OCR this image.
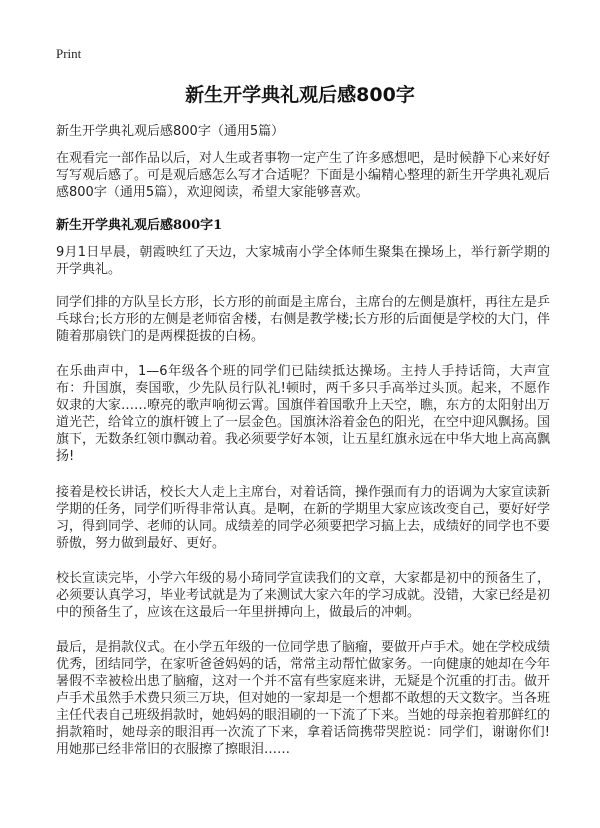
Print
新生开学典礼观后感800字
新生开学典礼观后感800字（通用5篇）

在观看完一部作品以后，对人生或者事物一定产生了许多感想吧，是时候静下心来好好写写观后感了。可是观后感怎么写才合适呢？下面是小编精心整理的新生开学典礼观后感800字（通用5篇），欢迎阅读，希望大家能够喜欢。

新生开学典礼观后感800字1

9月1日早晨，朝霞映红了天边，大家城南小学全体师生聚集在操场上，举行新学期的开学典礼。

同学们排的方队呈长方形，长方形的前面是主席台，主席台的左侧是旗杆，再往左是乒乓球台;长方形的左侧是老师宿舍楼，右侧是教学楼;长方形的后面便是学校的大门，伴随着那扇铁门的是两棵挺拔的白杨。

在乐曲声中，1—6年级各个班的同学们已陆续抵达操场。主持人手持话筒，大声宣布：升国旗，奏国歌，少先队员行队礼!顿时，两千多只手高举过头顶。起来，不愿作奴隶的大家……嘹亮的歌声响彻云霄。国旗伴着国歌升上天空，瞧，东方的太阳射出万道光芒，给耸立的旗杆镀上了一层金色。国旗沐浴着金色的阳光，在空中迎风飘扬。国旗下，无数条红领巾飘动着。我必须要学好本领，让五星红旗永远在中华大地上高高飘扬!

接着是校长讲话，校长大人走上主席台，对着话筒，操作强而有力的语调为大家宣读新学期的任务，同学们听得非常认真。是啊，在新的学期里大家应该改变自己，要好好学习，得到同学、老师的认同。成绩差的同学必须要把学习搞上去，成绩好的同学也不要骄傲，努力做到最好、更好。

校长宣读完毕，小学六年级的易小琦同学宣读我们的文章，大家都是初中的预备生了，必须要认真学习，毕业考试就是为了来测试大家六年的学习成就。没错，大家已经是初中的预备生了，应该在这最后一年里拼搏向上，做最后的冲刺。

最后，是捐款仪式。在小学五年级的一位同学患了脑瘤，要做开卢手术。她在学校成绩优秀，团结同学，在家听爸爸妈妈的话，常常主动帮忙做家务。一向健康的她却在今年暑假不幸被检出患了脑瘤，这对一个并不富有些家庭来讲，无疑是个沉重的打击。做开卢手术虽然手术费只须三万块，但对她的一家却是一个想都不敢想的天文数字。当各班主任代表自己班级捐款时，她妈妈的眼泪刷的一下流了下来。当她的母亲抱着那鲜红的捐款箱时，她母亲的眼泪再一次流了下来，拿着话筒携带哭腔说：同学们，谢谢你们!用她那已经非常旧的衣服擦了擦眼泪……
